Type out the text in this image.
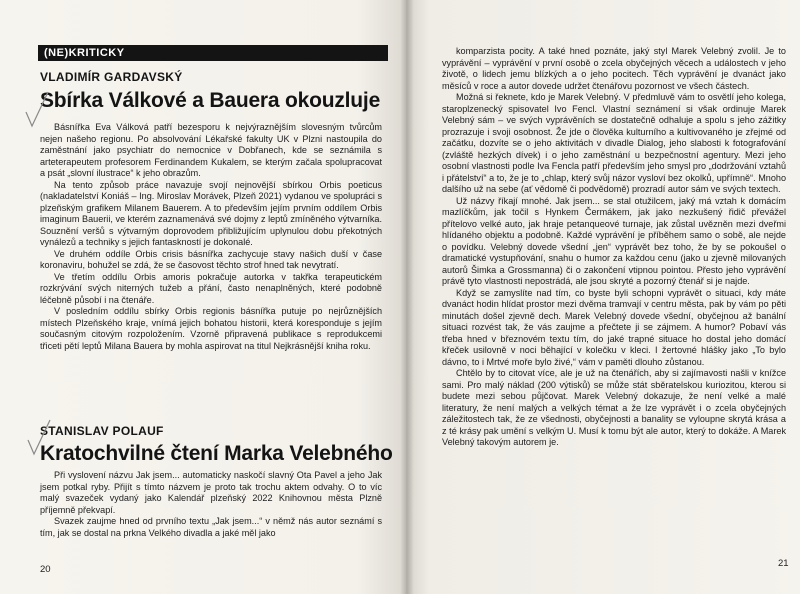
(NE)KRITICKY
VLADIMÍR GARDAVSKÝ
Sbírka Válkové a Bauera okouzluje

Básnířka Eva Válková patří bezesporu k nejvýraznějším slovesným tvůrcům nejen našeho regionu. Po absolvování Lékařské fakulty UK v Plzni nastoupila do zaměstnání jako psychiatr do nemocnice v Dobřanech, kde se seznámila s arteterapeutem profesorem Ferdinandem Kukalem, se kterým začala spolupracovat a psát „slovní ilustrace“ k jeho obrazům.

Na tento způsob práce navazuje svojí nejnovější sbírkou Orbis poeticus (nakladatelství Koniáš – Ing. Miroslav Morávek, Plzeň 2021) vydanou ve spolupráci s plzeňským grafikem Milanem Bauerem. A to především jejím prvním oddílem Orbis imaginum Bauerii, ve kterém zaznamenává své dojmy z leptů zmíněného výtvarníka. Souznění veršů s výtvarným doprovodem přibližujícím uplynulou dobu překotných vynálezů a techniky s jejich fantaskností je dokonalé.

Ve druhém oddíle Orbis crisis básnířka zachycuje stavy našich duší v čase koronaviru, bohužel se zdá, že se časovost těchto strof hned tak nevytratí.

Ve třetím oddílu Orbis amoris pokračuje autorka v takřka terapeutickém rozkrývání svých niterných tužeb a přání, často nenaplněných, které podobně léčebně působí i na čtenáře.

V posledním oddílu sbírky Orbis regionis básnířka putuje po nejrůznějších místech Plzeňského kraje, vnímá jejich bohatou historii, která koresponduje s jejím současným citovým rozpoložením. Vzorně připravená publikace s reprodukcemi třiceti pětí leptů Milana Bauera by mohla aspirovat na titul Nejkrásnější kniha roku.

STANISLAV POLAUF
Kratochvilné čtení Marka Velebného

Při vyslovení názvu Jak jsem... automaticky naskočí slavný Ota Pavel a jeho Jak jsem potkal ryby. Přijít s tímto názvem je proto tak trochu aktem odvahy. O to víc malý svazeček vydaný jako Kalendář plzeňský 2022 Knihovnou města Plzně příjemně překvapí.

Svazek zaujme hned od prvního textu „Jak jsem...“ v němž nás autor seznámí s tím, jak se dostal na prkna Velkého divadla a jaké měl jako

20

komparzista pocity. A také hned poznáte, jaký styl Marek Velebný zvolil. Je to vyprávění – vyprávění v první osobě o zcela obyčejných věcech a událostech v jeho životě, o lidech jemu blízkých a o jeho pocitech. Těch vyprávění je dvanáct jako měsíců v roce a autor dovede udržet čtenářovu pozornost ve všech částech.

Možná si řeknete, kdo je Marek Velebný. V předmluvě vám to osvětlí jeho kolega, staroplzenecký spisovatel Ivo Fencl. Vlastní seznámení si však ordinuje Marek Velebný sám – ve svých vyprávěních se dostatečně odhaluje a spolu s jeho zážitky prozrazuje i svoji osobnost. Že jde o člověka kulturního a kultivovaného je zřejmé od začátku, dozvíte se o jeho aktivitách v divadle Dialog, jeho slabosti k fotografování (zvláště hezkých dívek) i o jeho zaměstnání u bezpečnostní agentury. Mezi jeho osobní vlastnosti podle Iva Fencla patří především jeho smysl pro „dodržování vztahů i přátelství“ a to, že je to „chlap, který svůj názor vysloví bez okolků, upřímně“. Mnoho dalšího už na sebe (ať vědomě či podvědomě) prozradí autor sám ve svých textech.

Už názvy říkají mnohé. Jak jsem... se stal otužilcem, jaký má vztah k domácím mazlíčkům, jak točil s Hynkem Čermákem, jak jako nezkušený řidič převážel přítelovo velké auto, jak hraje petanqueové turnaje, jak zůstal uvězněn mezi dveřmi hlídaného objektu a podobně. Každé vyprávění je příběhem samo o sobě, ale nejde o povídku. Velebný dovede všední „jen“ vyprávět bez toho, že by se pokoušel o dramatické vystupňování, snahu o humor za každou cenu (jako u zjevně milovaných autorů Šimka a Grossmanna) či o zakončení vtipnou pointou. Přesto jeho vyprávění právě tyto vlastnosti nepostrádá, ale jsou skryté a pozorný čtenář si je najde.

Když se zamyslíte nad tím, co byste byli schopni vyprávět o situaci, kdy máte dvanáct hodin hlídat prostor mezi dvěma tramvají v centru města, pak by vám po pěti minutách došel zjevně dech. Marek Velebný dovede všední, obyčejnou až banální situaci rozvést tak, že vás zaujme a přečtete ji se zájmem. A humor? Pobaví vás třeba hned v březnovém textu tím, do jaké trapné situace ho dostal jeho domácí křeček usilovně v noci běhající v kolečku v kleci. I žertovné hlášky jako „To bylo dávno, to i Mrtvé moře bylo živé,“ vám v paměti dlouho zůstanou.

Chtělo by to citovat více, ale je už na čtenářích, aby si zajímavosti našli v knížce sami. Pro malý náklad (200 výtisků) se může stát sběratelskou kuriozitou, kterou si budete mezi sebou půjčovat. Marek Velebný dokazuje, že není velké a malé literatury, že není malých a velkých témat a že lze vyprávět i o zcela obyčejných záležitostech tak, že ze všednosti, obyčejnosti a banality se vyloupne skrytá krása a z té krásy pak umění s velkým U. Musí k tomu být ale autor, který to dokáže. A Marek Velebný takovým autorem je.

21
